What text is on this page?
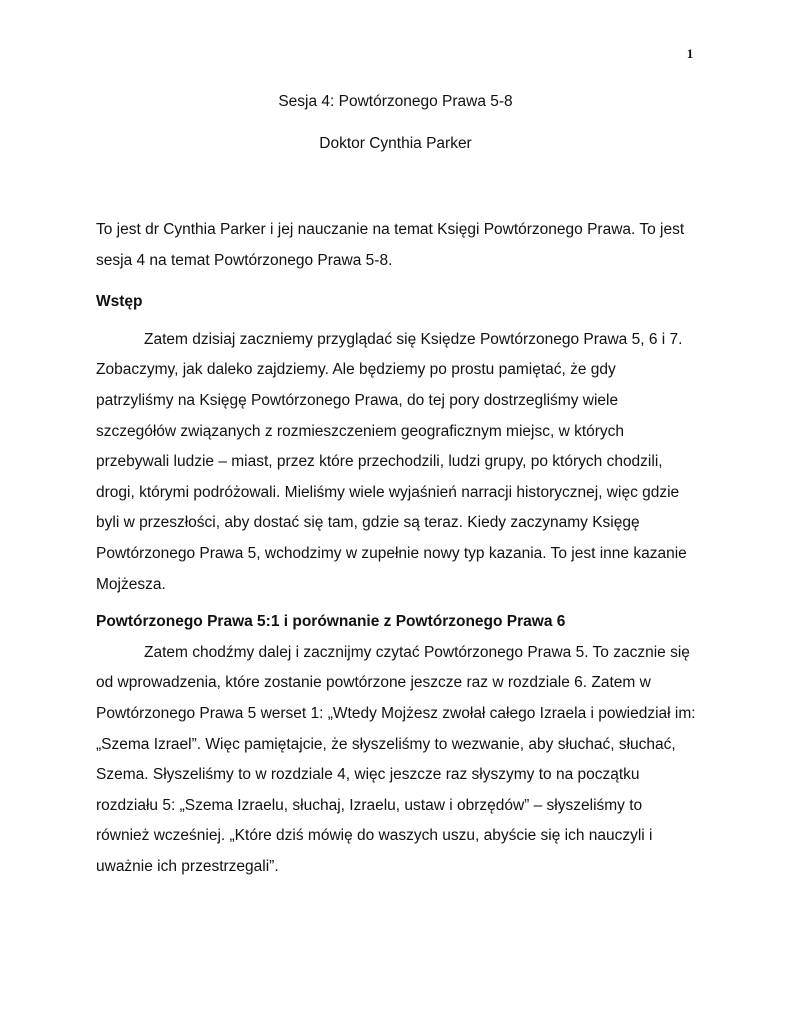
1
Sesja 4: Powtórzonego Prawa 5-8
Doktor Cynthia Parker

To jest dr Cynthia Parker i jej nauczanie na temat Księgi Powtórzonego Prawa. To jest sesja 4 na temat Powtórzonego Prawa 5-8.

Wstęp

Zatem dzisiaj zaczniemy przyglądać się Księdze Powtórzonego Prawa 5, 6 i 7. Zobaczymy, jak daleko zajdziemy. Ale będziemy po prostu pamiętać, że gdy patrzyliśmy na Księgę Powtórzonego Prawa, do tej pory dostrzegliśmy wiele szczegółów związanych z rozmieszczeniem geograficznym miejsc, w których przebywali ludzie – miast, przez które przechodzili, ludzi grupy, po których chodzili, drogi, którymi podróżowali. Mieliśmy wiele wyjaśnień narracji historycznej, więc gdzie byli w przeszłości, aby dostać się tam, gdzie są teraz. Kiedy zaczynamy Księgę Powtórzonego Prawa 5, wchodzimy w zupełnie nowy typ kazania. To jest inne kazanie Mojżesza.

Powtórzonego Prawa 5:1 i porównanie z Powtórzonego Prawa 6

Zatem chodźmy dalej i zacznijmy czytać Powtórzonego Prawa 5. To zacznie się od wprowadzenia, które zostanie powtórzone jeszcze raz w rozdziale 6. Zatem w Powtórzonego Prawa 5 werset 1: „Wtedy Mojżesz zwołał całego Izraela i powiedział im: „Szema Izrael”. Więc pamiętajcie, że słyszeliśmy to wezwanie, aby słuchać, słuchać, Szema. Słyszeliśmy to w rozdziale 4, więc jeszcze raz słyszymy to na początku rozdziału 5: „Szema Izraelu, słuchaj, Izraelu, ustaw i obrzędów” – słyszeliśmy to również wcześniej. „Które dziś mówię do waszych uszu, abyście się ich nauczyli i uważnie ich przestrzegali”.
